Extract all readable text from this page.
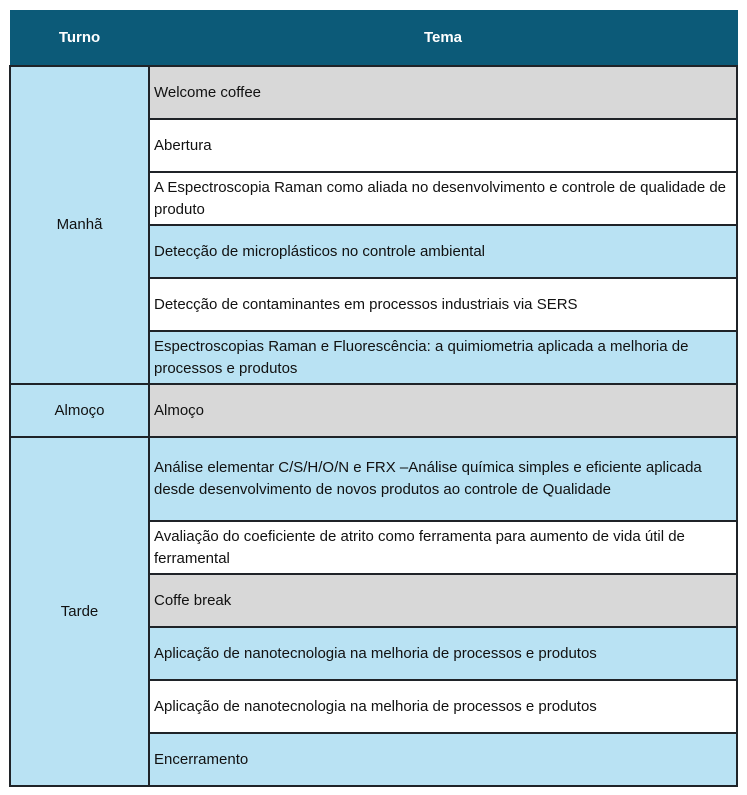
Turno	Tema
Manhã	Welcome coffee
	Abertura
	A Espectroscopia Raman como aliada no desenvolvimento e controle de qualidade de produto
	Detecção de microplásticos no controle ambiental
	Detecção de contaminantes em processos industriais via SERS
	Espectroscopias Raman e Fluorescência: a quimiometria aplicada a melhoria de processos e produtos
Almoço	Almoço
Tarde	Análise elementar C/S/H/O/N e FRX –Análise química simples e eficiente aplicada desde desenvolvimento de novos produtos ao controle de Qualidade
	Avaliação do coeficiente de atrito como ferramenta para aumento de vida útil de ferramental
	Coffe break
	Aplicação de nanotecnologia na melhoria de processos e produtos
	Aplicação de nanotecnologia na melhoria de processos e produtos
	Encerramento
